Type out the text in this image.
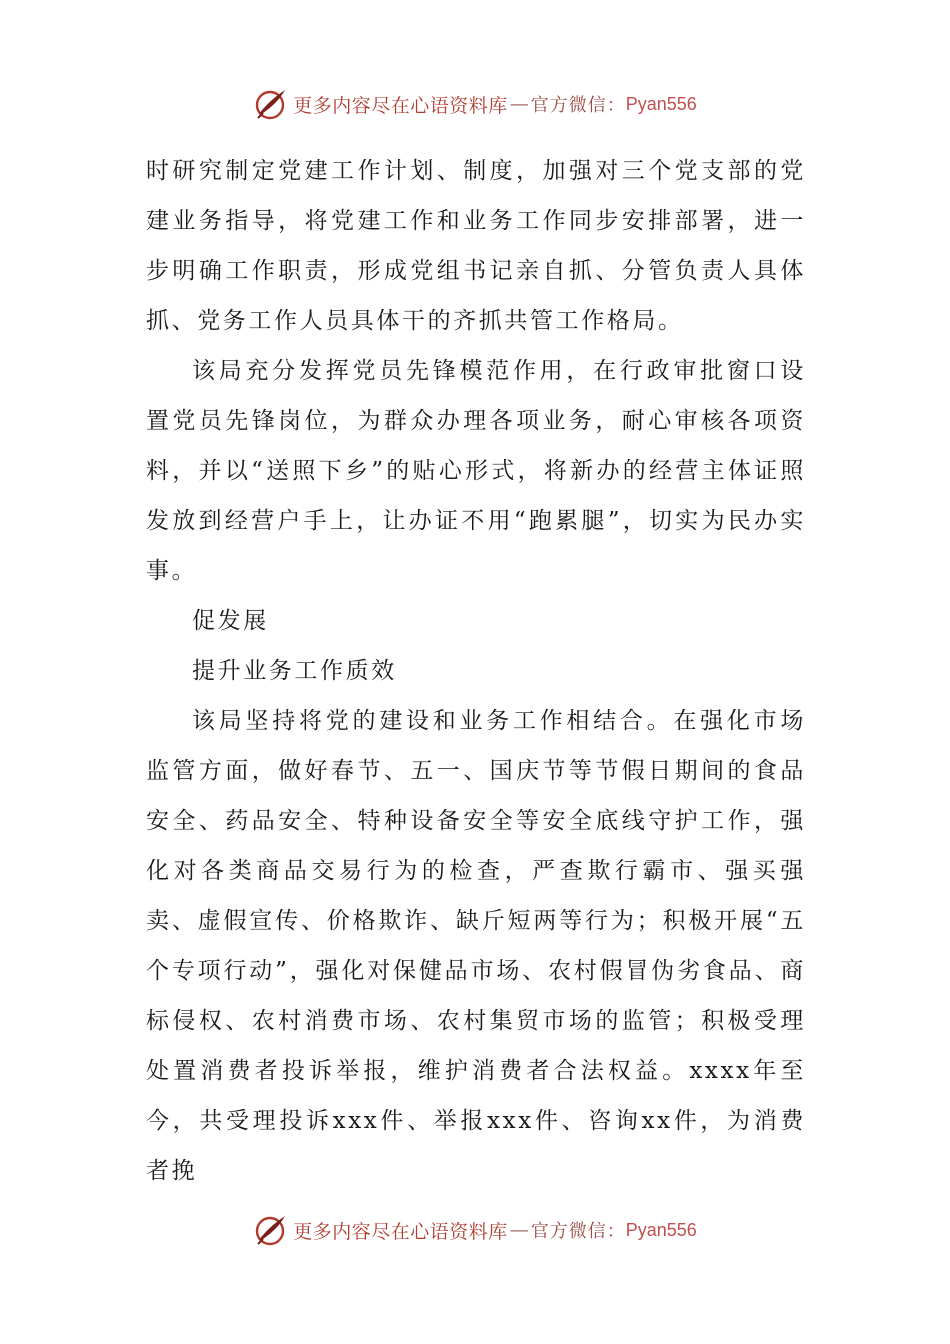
更多内容尽在心语资料库 — 官方微信： Pyan556

时研究制定党建工作计划、制度，加强对三个党支部的党建业务指导，将党建工作和业务工作同步安排部署，进一步明确工作职责，形成党组书记亲自抓、分管负责人具体抓、党务工作人员具体干的齐抓共管工作格局。

该局充分发挥党员先锋模范作用，在行政审批窗口设置党员先锋岗位，为群众办理各项业务，耐心审核各项资料，并以“送照下乡”的贴心形式，将新办的经营主体证照发放到经营户手上，让办证不用“跑累腿”，切实为民办实事。

促发展

提升业务工作质效

该局坚持将党的建设和业务工作相结合。在强化市场监管方面，做好春节、五一、国庆节等节假日期间的食品安全、药品安全、特种设备安全等安全底线守护工作，强化对各类商品交易行为的检查，严查欺行霸市、强买强卖、虚假宣传、价格欺诈、缺斤短两等行为；积极开展“五个专项行动”，强化对保健品市场、农村假冒伪劣食品、商标侵权、农村消费市场、农村集贸市场的监管；积极受理处置消费者投诉举报，维护消费者合法权益。xxxx年至今，共受理投诉xxx件、举报xxx件、咨询xx件，为消费者挽

更多内容尽在心语资料库 — 官方微信： Pyan556
